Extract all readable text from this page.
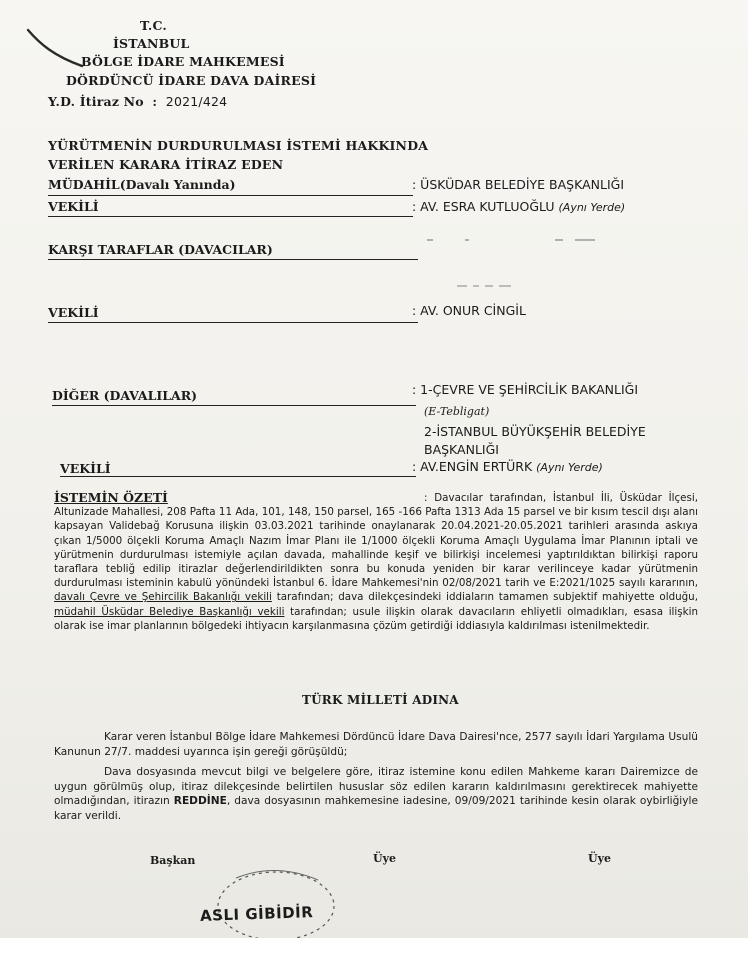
T.C.
İSTANBUL
BÖLGE İDARE MAHKEMESİ
DÖRDÜNCÜ İDARE DAVA DAİRESİ
Y.D. İtiraz No : 2021/424
YÜRÜTMENİN DURDURULMASI İSTEMİ HAKKINDA
VERİLEN KARARA İTİRAZ EDEN
MÜDAHİL(Davalı Yanında)	: ÜSKÜDAR BELEDİYE BAŞKANLIĞI
VEKİLİ	: AV. ESRA KUTLUOĞLU (Aynı Yerde)
KARŞI TARAFLAR (DAVACILAR)
VEKİLİ	: AV. ONUR CİNGİL
DİĞER (DAVALILAR)	: 1-ÇEVRE VE ŞEHİRCİLİK BAKANLIĞI
(E-Tebligat)
2-İSTANBUL BÜYÜKŞEHİR BELEDİYE
BAŞKANLIĞI
VEKİLİ	: AV.ENGİN ERTÜRK (Aynı Yerde)
İSTEMİN ÖZETİ	: Davacılar tarafından, İstanbul İli, Üsküdar İlçesi, Altunizade Mahallesi, 208 Pafta 11 Ada, 101, 148, 150 parsel, 165 -166 Pafta 1313 Ada 15 parsel ve bir kısım tescil dışı alanı kapsayan Validebağ Korusuna ilişkin 03.03.2021 tarihinde onaylanarak 20.04.2021-20.05.2021 tarihleri arasında askıya çıkan 1/5000 ölçekli Koruma Amaçlı Nazım İmar Planı ile 1/1000 ölçekli Koruma Amaçlı Uygulama İmar Planının iptali ve yürütmenin durdurulması istemiyle açılan davada, mahallinde keşif ve bilirkişi incelemesi yaptırıldıktan bilirkişi raporu taraflara tebliğ edilip itirazlar değerlendirildikten sonra bu konuda yeniden bir karar verilinceye kadar yürütmenin durdurulması isteminin kabulü yönündeki İstanbul 6. İdare Mahkemesi'nin 02/08/2021 tarih ve E:2021/1025 sayılı kararının, davalı Çevre ve Şehircilik Bakanlığı vekili tarafından; dava dilekçesindeki iddiaların tamamen subjektif mahiyette olduğu, müdahil Üsküdar Belediye Başkanlığı vekili tarafından; usule ilişkin olarak davacıların ehliyetli olmadıkları, esasa ilişkin olarak ise imar planlarının bölgedeki ihtiyacın karşılanmasına çözüm getirdiği iddiasıyla kaldırılması istenilmektedir.
TÜRK MİLLETİ ADINA
Karar veren İstanbul Bölge İdare Mahkemesi Dördüncü İdare Dava Dairesi'nce, 2577 sayılı İdari Yargılama Usulü Kanunun 27/7. maddesi uyarınca işin gereği görüşüldü;
Dava dosyasında mevcut bilgi ve belgelere göre, itiraz istemine konu edilen Mahkeme kararı Dairemizce de uygun görülmüş olup, itiraz dilekçesinde belirtilen hususlar söz edilen kararın kaldırılmasını gerektirecek mahiyette olmadığından, itirazın REDDİNE, dava dosyasının mahkemesine iadesine, 09/09/2021 tarihinde kesin olarak oybirliğiyle karar verildi.
Başkan	Üye	Üye
ASLI GİBİDİR
